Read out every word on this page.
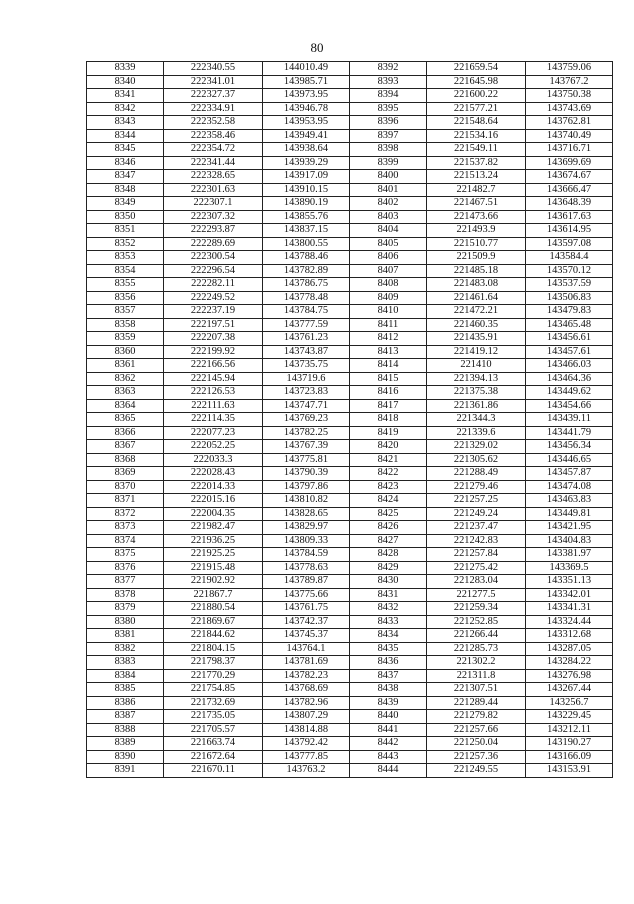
80
8339	222340.55	144010.49	8392	221659.54	143759.06
8340	222341.01	143985.71	8393	221645.98	143767.2
8341	222327.37	143973.95	8394	221600.22	143750.38
8342	222334.91	143946.78	8395	221577.21	143743.69
8343	222352.58	143953.95	8396	221548.64	143762.81
8344	222358.46	143949.41	8397	221534.16	143740.49
8345	222354.72	143938.64	8398	221549.11	143716.71
8346	222341.44	143939.29	8399	221537.82	143699.69
8347	222328.65	143917.09	8400	221513.24	143674.67
8348	222301.63	143910.15	8401	221482.7	143666.47
8349	222307.1	143890.19	8402	221467.51	143648.39
8350	222307.32	143855.76	8403	221473.66	143617.63
8351	222293.87	143837.15	8404	221493.9	143614.95
8352	222289.69	143800.55	8405	221510.77	143597.08
8353	222300.54	143788.46	8406	221509.9	143584.4
8354	222296.54	143782.89	8407	221485.18	143570.12
8355	222282.11	143786.75	8408	221483.08	143537.59
8356	222249.52	143778.48	8409	221461.64	143506.83
8357	222237.19	143784.75	8410	221472.21	143479.83
8358	222197.51	143777.59	8411	221460.35	143465.48
8359	222207.38	143761.23	8412	221435.91	143456.61
8360	222199.92	143743.87	8413	221419.12	143457.61
8361	222166.56	143735.75	8414	221410	143466.03
8362	222145.94	143719.6	8415	221394.13	143464.36
8363	222126.53	143723.83	8416	221375.38	143449.62
8364	222111.63	143747.71	8417	221361.86	143454.66
8365	222114.35	143769.23	8418	221344.3	143439.11
8366	222077.23	143782.25	8419	221339.6	143441.79
8367	222052.25	143767.39	8420	221329.02	143456.34
8368	222033.3	143775.81	8421	221305.62	143446.65
8369	222028.43	143790.39	8422	221288.49	143457.87
8370	222014.33	143797.86	8423	221279.46	143474.08
8371	222015.16	143810.82	8424	221257.25	143463.83
8372	222004.35	143828.65	8425	221249.24	143449.81
8373	221982.47	143829.97	8426	221237.47	143421.95
8374	221936.25	143809.33	8427	221242.83	143404.83
8375	221925.25	143784.59	8428	221257.84	143381.97
8376	221915.48	143778.63	8429	221275.42	143369.5
8377	221902.92	143789.87	8430	221283.04	143351.13
8378	221867.7	143775.66	8431	221277.5	143342.01
8379	221880.54	143761.75	8432	221259.34	143341.31
8380	221869.67	143742.37	8433	221252.85	143324.44
8381	221844.62	143745.37	8434	221266.44	143312.68
8382	221804.15	143764.1	8435	221285.73	143287.05
8383	221798.37	143781.69	8436	221302.2	143284.22
8384	221770.29	143782.23	8437	221311.8	143276.98
8385	221754.85	143768.69	8438	221307.51	143267.44
8386	221732.69	143782.96	8439	221289.44	143256.7
8387	221735.05	143807.29	8440	221279.82	143229.45
8388	221705.57	143814.88	8441	221257.66	143212.11
8389	221663.74	143792.42	8442	221250.04	143190.27
8390	221672.64	143777.85	8443	221257.36	143166.09
8391	221670.11	143763.2	8444	221249.55	143153.91
